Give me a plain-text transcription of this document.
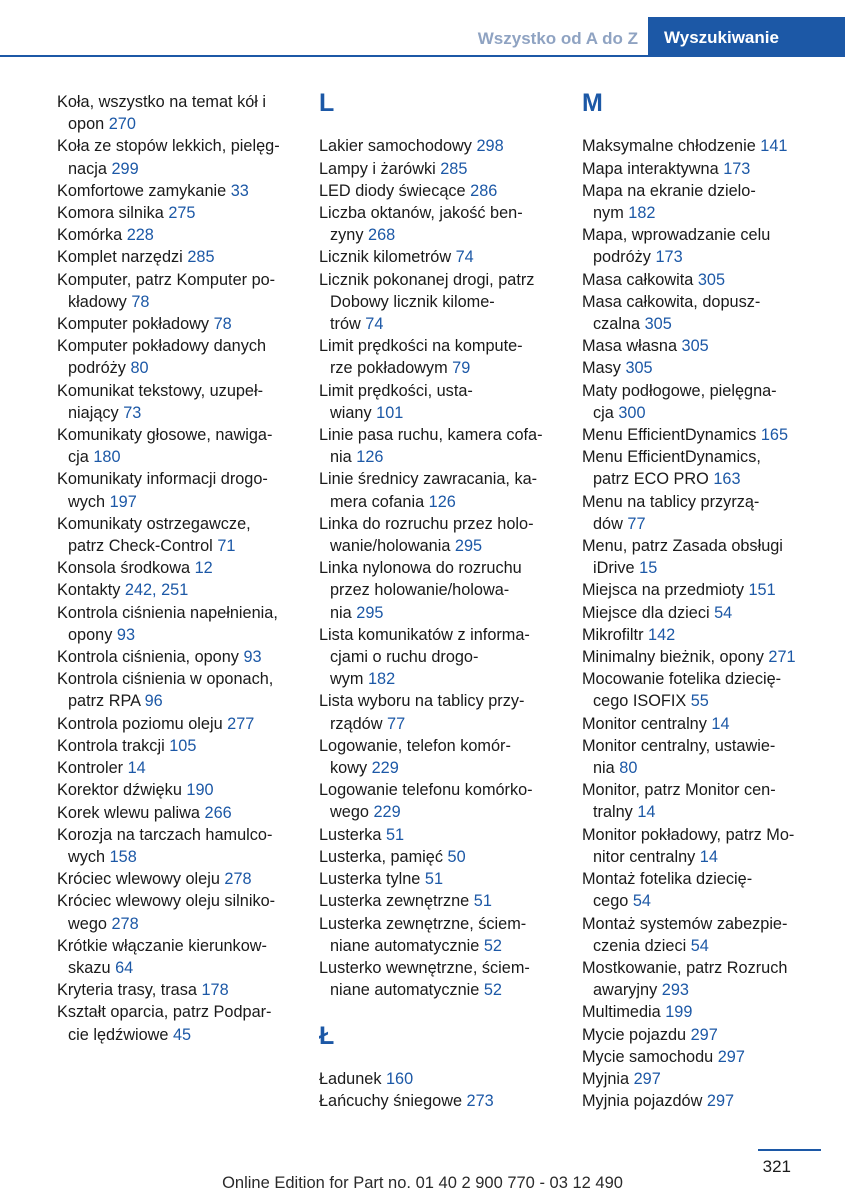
Wszystko od A do Z	Wyszukiwanie
Koła, wszystko na temat kół i
opon 270
Koła ze stopów lekkich, pielęg‐
nacja 299
Komfortowe zamykanie 33
Komora silnika 275
Komórka 228
Komplet narzędzi 285
Komputer, patrz Komputer po‐
kładowy 78
Komputer pokładowy 78
Komputer pokładowy danych
podróży 80
Komunikat tekstowy, uzupeł‐
niający 73
Komunikaty głosowe, nawiga‐
cja 180
Komunikaty informacji drogo‐
wych 197
Komunikaty ostrzegawcze,
patrz Check-Control 71
Konsola środkowa 12
Kontakty 242, 251
Kontrola ciśnienia napełnienia,
opony 93
Kontrola ciśnienia, opony 93
Kontrola ciśnienia w oponach,
patrz RPA 96
Kontrola poziomu oleju 277
Kontrola trakcji 105
Kontroler 14
Korektor dźwięku 190
Korek wlewu paliwa 266
Korozja na tarczach hamulco‐
wych 158
Króciec wlewowy oleju 278
Króciec wlewowy oleju silniko‐
wego 278
Krótkie włączanie kierunkow‐
skazu 64
Kryteria trasy, trasa 178
Kształt oparcia, patrz Podpar‐
cie lędźwiowe 45
L
Lakier samochodowy 298
Lampy i żarówki 285
LED diody świecące 286
Liczba oktanów, jakość ben‐
zyny 268
Licznik kilometrów 74
Licznik pokonanej drogi, patrz
Dobowy licznik kilome‐
trów 74
Limit prędkości na kompute‐
rze pokładowym 79
Limit prędkości, usta‐
wiany 101
Linie pasa ruchu, kamera cofa‐
nia 126
Linie średnicy zawracania, ka‐
mera cofania 126
Linka do rozruchu przez holo‐
wanie/holowania 295
Linka nylonowa do rozruchu
przez holowanie/holowa‐
nia 295
Lista komunikatów z informa‐
cjami o ruchu drogo‐
wym 182
Lista wyboru na tablicy przy‐
rządów 77
Logowanie, telefon komór‐
kowy 229
Logowanie telefonu komórko‐
wego 229
Lusterka 51
Lusterka, pamięć 50
Lusterka tylne 51
Lusterka zewnętrzne 51
Lusterka zewnętrzne, ściem‐
niane automatycznie 52
Lusterko wewnętrzne, ściem‐
niane automatycznie 52
Ł
Ładunek 160
Łańcuchy śniegowe 273
M
Maksymalne chłodzenie 141
Mapa interaktywna 173
Mapa na ekranie dzielo‐
nym 182
Mapa, wprowadzanie celu
podróży 173
Masa całkowita 305
Masa całkowita, dopusz‐
czalna 305
Masa własna 305
Masy 305
Maty podłogowe, pielęgna‐
cja 300
Menu EfficientDynamics 165
Menu EfficientDynamics,
patrz ECO PRO 163
Menu na tablicy przyrzą‐
dów 77
Menu, patrz Zasada obsługi
iDrive 15
Miejsca na przedmioty 151
Miejsce dla dzieci 54
Mikrofiltr 142
Minimalny bieżnik, opony 271
Mocowanie fotelika dziecię‐
cego ISOFIX 55
Monitor centralny 14
Monitor centralny, ustawie‐
nia 80
Monitor, patrz Monitor cen‐
tralny 14
Monitor pokładowy, patrz Mo‐
nitor centralny 14
Montaż fotelika dziecię‐
cego 54
Montaż systemów zabezpie‐
czenia dzieci 54
Mostkowanie, patrz Rozruch
awaryjny 293
Multimedia 199
Mycie pojazdu 297
Mycie samochodu 297
Myjnia 297
Myjnia pojazdów 297
321
Online Edition for Part no. 01 40 2 900 770 - 03 12 490
